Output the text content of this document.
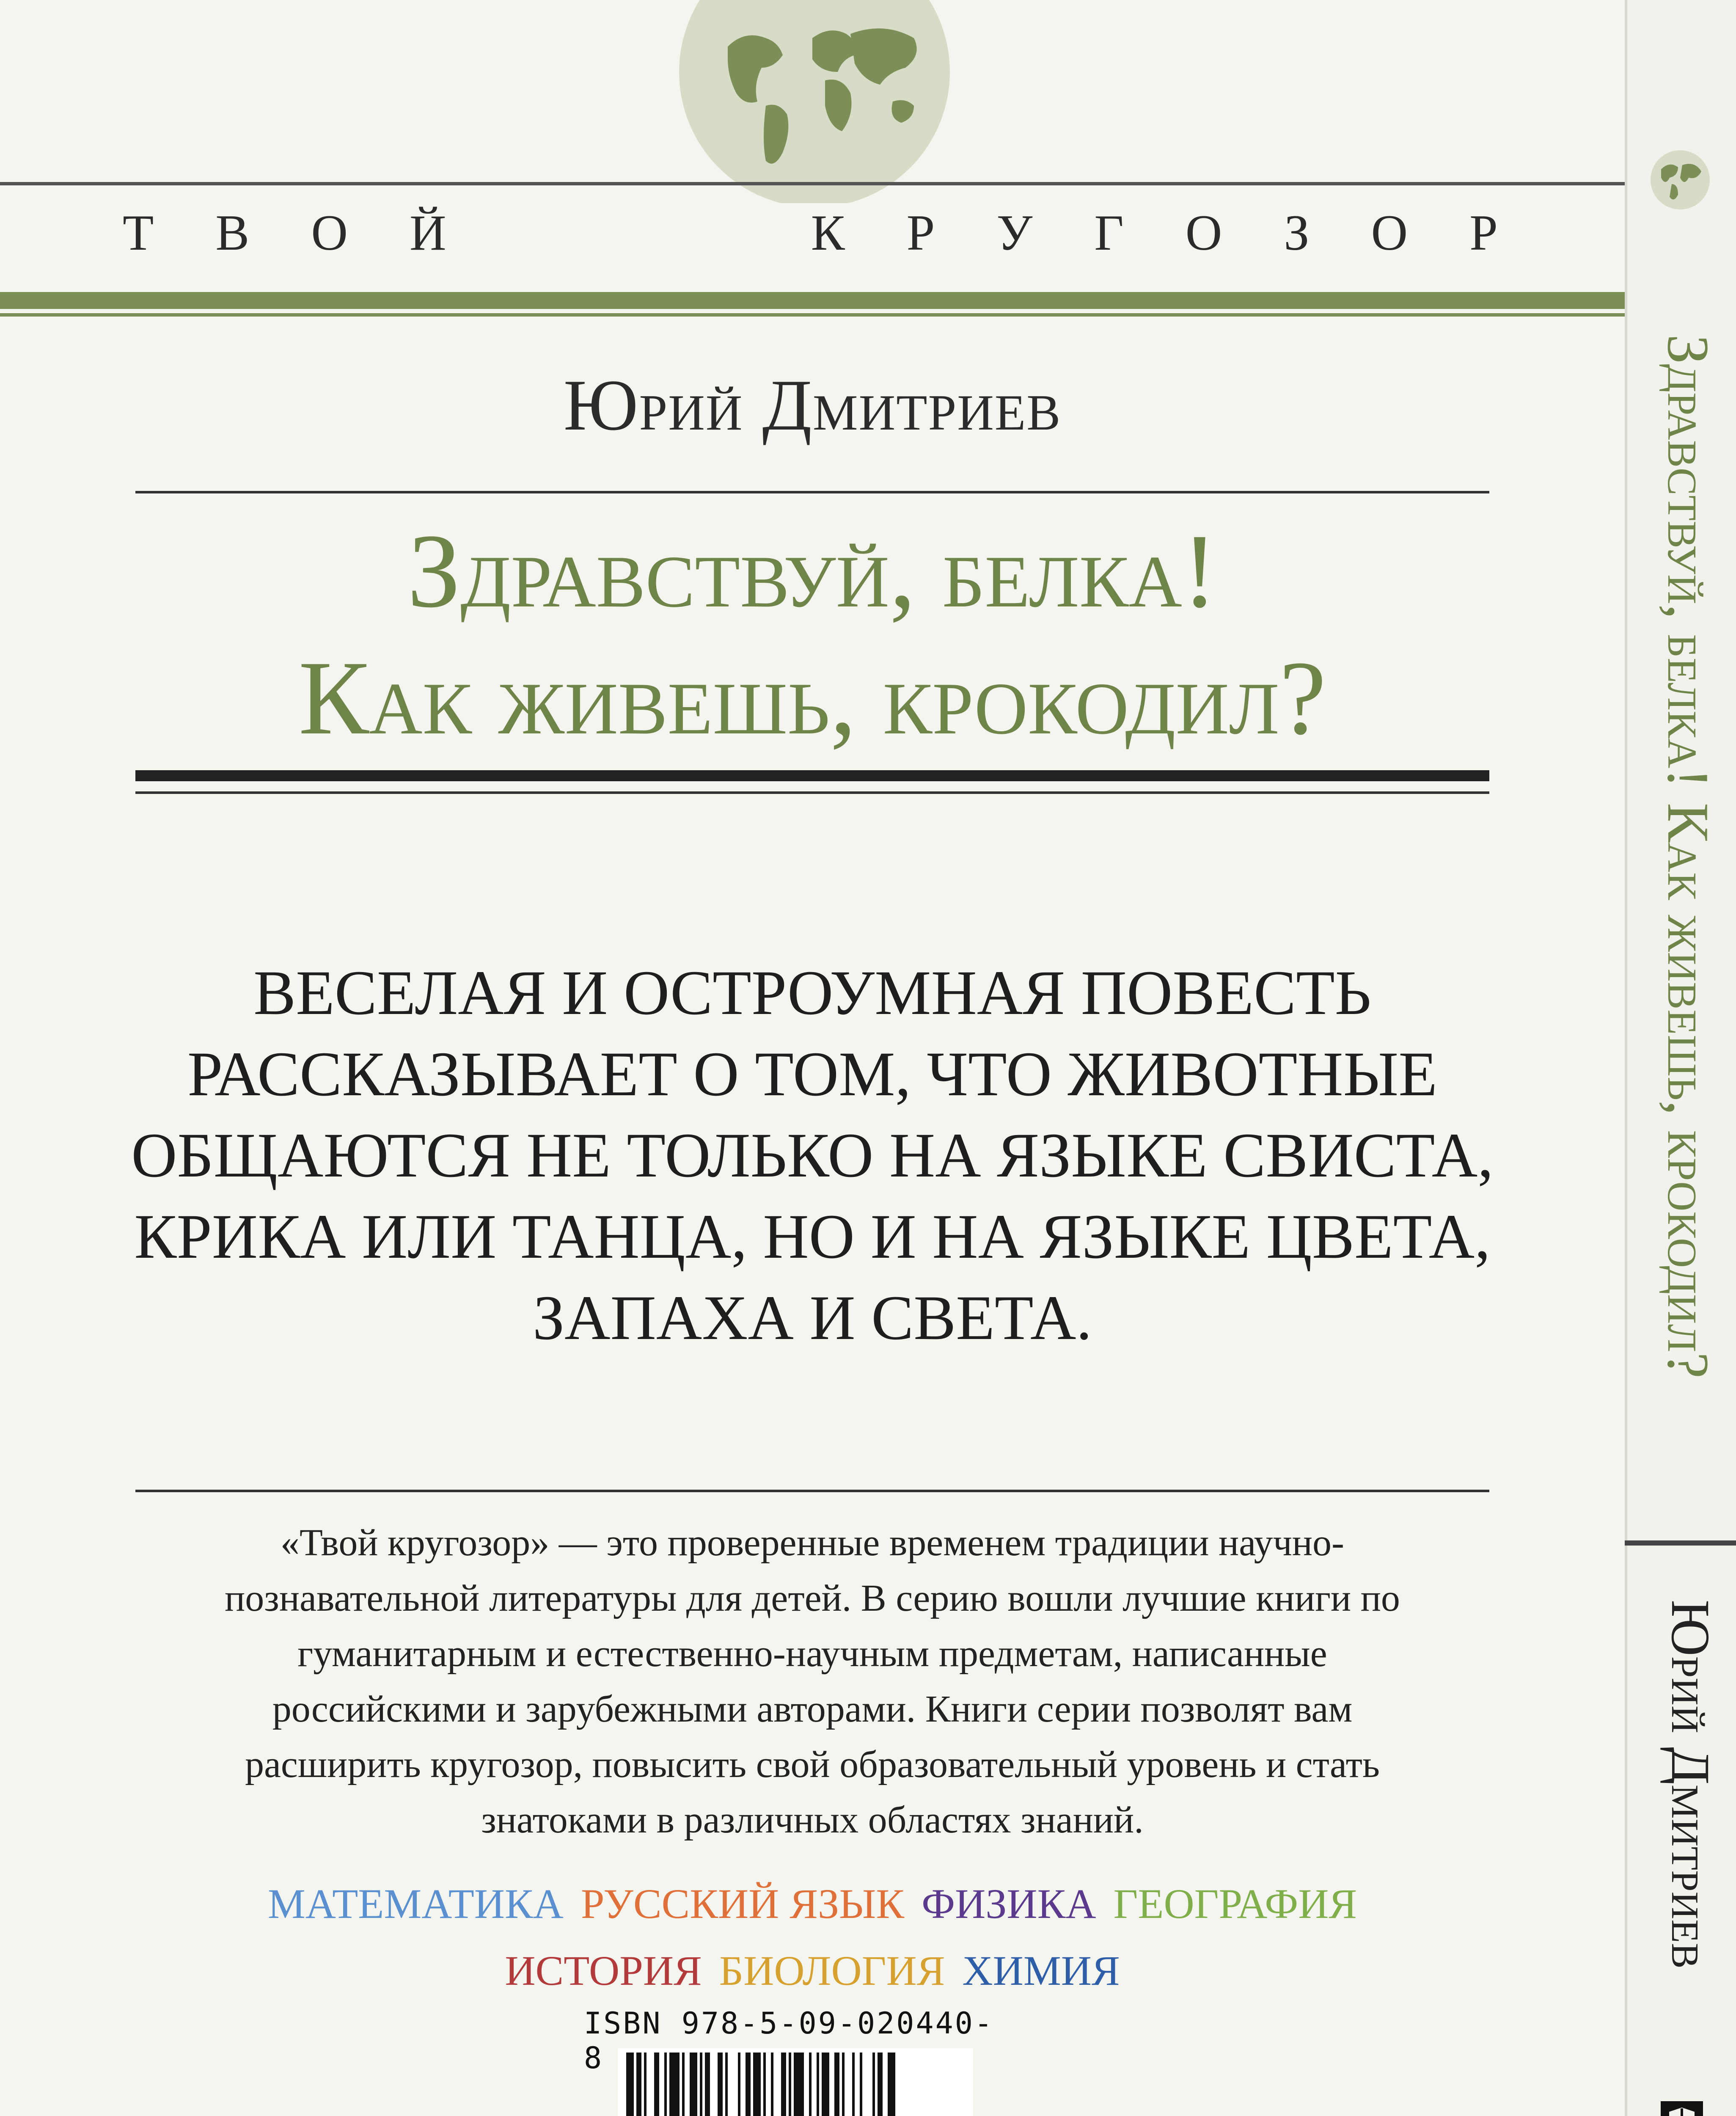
Т В О Й	К Р У Г О З О Р
Юрий Дмитриев
Здравствуй, белка!
Как живешь, крокодил?
ВЕСЕЛАЯ И ОСТРОУМНАЯ ПОВЕСТЬ
РАССКАЗЫВАЕТ О ТОМ, ЧТО ЖИВОТНЫЕ
ОБЩАЮТСЯ НЕ ТОЛЬКО НА ЯЗЫКЕ СВИСТА,
КРИКА ИЛИ ТАНЦА, НО И НА ЯЗЫКЕ ЦВЕТА,
ЗАПАХА И СВЕТА.
«Твой кругозор» — это проверенные временем традиции научно-
познавательной литературы для детей. В серию вошли лучшие книги по
гуманитарным и естественно-научным предметам, написанные
российскими и зарубежными авторами. Книги серии позволят вам
расширить кругозор, повысить свой образовательный уровень и стать
знатоками в различных областях знаний.
МАТЕМАТИКА РУССКИЙ ЯЗЫК ФИЗИКА ГЕОГРАФИЯ
ИСТОРИЯ БИОЛОГИЯ ХИМИЯ
ISBN 978-5-09-020440-8
Здравствуй, белка! Как живешь, крокодил?
Юрий Дмитриев
